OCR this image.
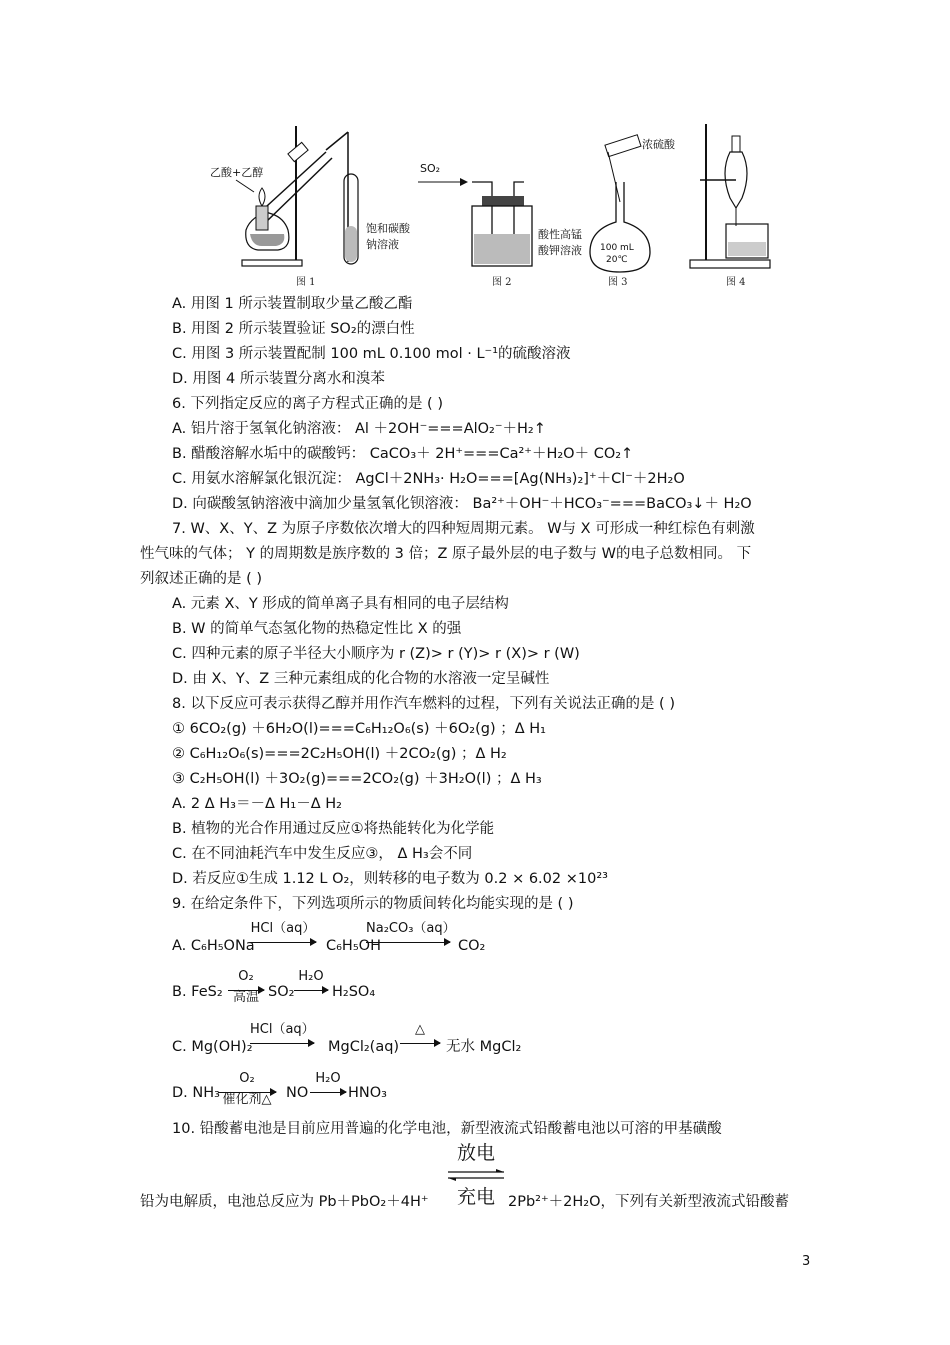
乙酸+乙醇
饱和碳酸
钠溶液
图 1
SO₂
酸性高锰
酸钾溶液
图 2
浓硫酸
100 mL
20℃
图 3	图 4
A. 用图 1 所示装置制取少量乙酸乙酯
B. 用图 2 所示装置验证 SO₂的漂白性
C. 用图 3 所示装置配制 100 mL 0.100 mol · L⁻¹的硫酸溶液
D. 用图 4 所示装置分离水和溴苯
6. 下列指定反应的离子方程式正确的是 ( )
A. 铝片溶于氢氧化钠溶液： Al ＋2OH⁻===AlO₂⁻＋H₂↑
B. 醋酸溶解水垢中的碳酸钙： CaCO₃＋ 2H⁺===Ca²⁺＋H₂O＋ CO₂↑
C. 用氨水溶解氯化银沉淀： AgCl＋2NH₃· H₂O===[Ag(NH₃)₂]⁺＋Cl⁻＋2H₂O
D. 向碳酸氢钠溶液中滴加少量氢氧化钡溶液： Ba²⁺＋OH⁻＋HCO₃⁻===BaCO₃↓＋ H₂O
7. W、X、Y、Z 为原子序数依次增大的四种短周期元素。 W与 X 可形成一种红棕色有刺激
性气味的气体； Y 的周期数是族序数的 3 倍；Z 原子最外层的电子数与 W的电子总数相同。 下
列叙述正确的是 ( )
A. 元素 X、Y 形成的简单离子具有相同的电子层结构
B. W 的简单气态氢化物的热稳定性比 X 的强
C. 四种元素的原子半径大小顺序为 r (Z)> r (Y)> r (X)> r (W)
D. 由 X、Y、Z 三种元素组成的化合物的水溶液一定呈碱性
8. 以下反应可表示获得乙醇并用作汽车燃料的过程，下列有关说法正确的是 ( )
① 6CO₂(g) ＋6H₂O(l)===C₆H₁₂O₆(s) ＋6O₂(g) ；Δ H₁
② C₆H₁₂O₆(s)===2C₂H₅OH(l) ＋2CO₂(g) ；Δ H₂
③ C₂H₅OH(l) ＋3O₂(g)===2CO₂(g) ＋3H₂O(l) ；Δ H₃
A. 2 Δ H₃＝－Δ H₁－Δ H₂
B. 植物的光合作用通过反应①将热能转化为化学能
C. 在不同油耗汽车中发生反应③， Δ H₃会不同
D. 若反应①生成 1.12 L O₂，则转移的电子数为 0.2 × 6.02 ×10²³
9. 在给定条件下，下列选项所示的物质间转化均能实现的是 ( )
A. C₆H₅ONa
HCl（aq）
C₆H₅OH
Na₂CO₃（aq）
CO₂
B. FeS₂
O₂
高温 SO₂
H₂O
H₂SO₄
C. Mg(OH)₂
HCl（aq）
MgCl₂(aq)
△
无水 MgCl₂
D. NH₃
O₂
催化剂△	NO
H₂O
HNO₃
10. 铅酸蓄电池是目前应用普遍的化学电池，新型液流式铅酸蓄电池以可溶的甲基磺酸
铅为电解质，电池总反应为 Pb＋PbO₂＋4H⁺
放电
充电 2Pb²⁺＋2H₂O，下列有关新型液流式铅酸蓄
3
